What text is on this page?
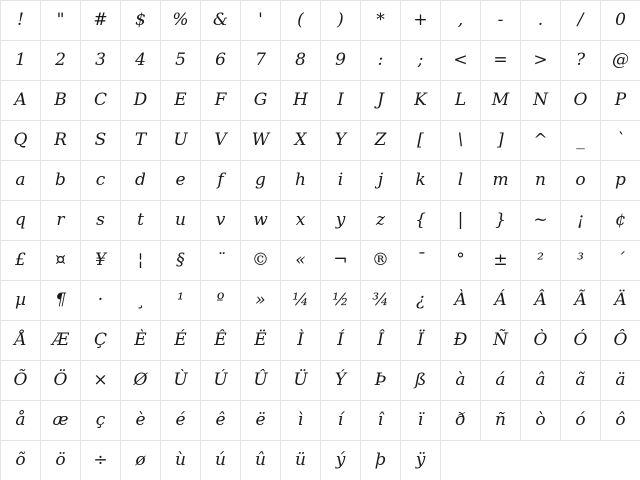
!	"	#	$	%	&	'	(	)	*	+	,	-	.	/	0
1	2	3	4	5	6	7	8	9	:	;	<	=	>	?	@
A	B	C	D	E	F	G	H	I	J	K	L	M	N	O	P
Q	R	S	T	U	V	W	X	Y	Z	[	\	]	^	_	`
a	b	c	d	e	f	g	h	i	j	k	l	m	n	o	p
q	r	s	t	u	v	w	x	y	z	{	|	}	~	¡	¢
£	¤	¥	¦	§	¨	©	«	¬	®	¯	°	±	²	³	´
µ	¶	·	¸	¹	º	»	¼	½	¾	¿	À	Á	Â	Ã	Ä
Å	Æ	Ç	È	É	Ê	Ë	Ì	Í	Î	Ï	Ð	Ñ	Ò	Ó	Ô
Õ	Ö	×	Ø	Ù	Ú	Û	Ü	Ý	Þ	ß	à	á	â	ã	ä
å	æ	ç	è	é	ê	ë	ì	í	î	ï	ð	ñ	ò	ó	ô
õ	ö	÷	ø	ù	ú	û	ü	ý	þ	ÿ
